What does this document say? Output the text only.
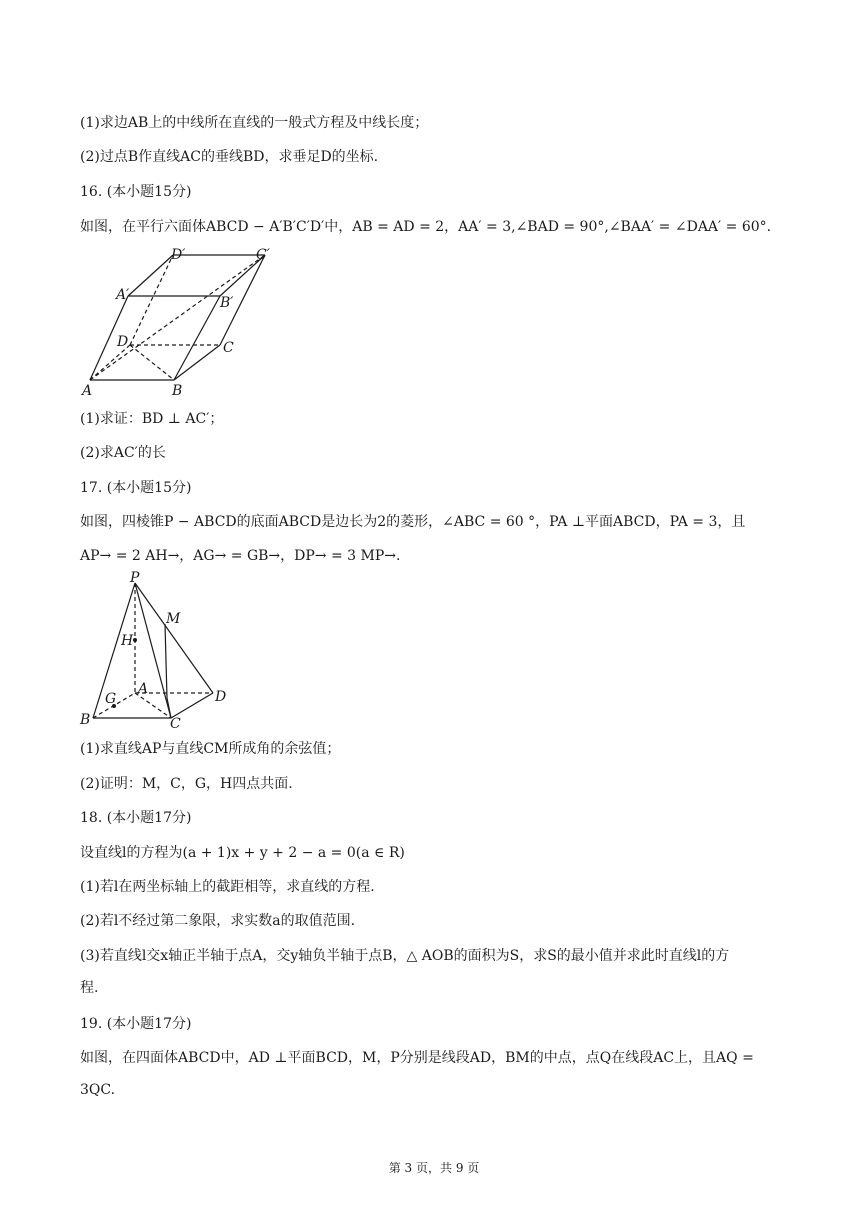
(1)求边AB上的中线所在直线的一般式方程及中线长度；
(2)过点B作直线AC的垂线BD，求垂足D的坐标.
16. (本小题15分)
如图，在平行六面体ABCD − A′B′C′D′中，AB = AD = 2，AA′ = 3,∠BAD = 90°,∠BAA′ = ∠DAA′ = 60°.
A	B
C
D
A′	B′
C′
D′
(1)求证：BD ⊥ AC′；
(2)求AC′的长
17. (本小题15分)
如图，四棱锥P − ABCD的底面ABCD是边长为2的菱形，∠ABC = 60 °，PA ⊥平面ABCD，PA = 3，且
AP→ = 2 AH→，AG→ = GB→，DP→ = 3 MP→.
P
M
H
A
G
B	C
D
(1)求直线AP与直线CM所成角的余弦值；
(2)证明：M，C，G，H四点共面.
18. (本小题17分)
设直线l的方程为(a + 1)x + y + 2 − a = 0(a ∈ R)
(1)若l在两坐标轴上的截距相等，求直线的方程.
(2)若l不经过第二象限，求实数a的取值范围.
(3)若直线l交x轴正半轴于点A，交y轴负半轴于点B，△ AOB的面积为S，求S的最小值并求此时直线l的方
程.
19. (本小题17分)
如图，在四面体ABCD中，AD ⊥平面BCD，M，P分别是线段AD，BM的中点，点Q在线段AC上，且AQ =
3QC.
第 3 页，共 9 页
